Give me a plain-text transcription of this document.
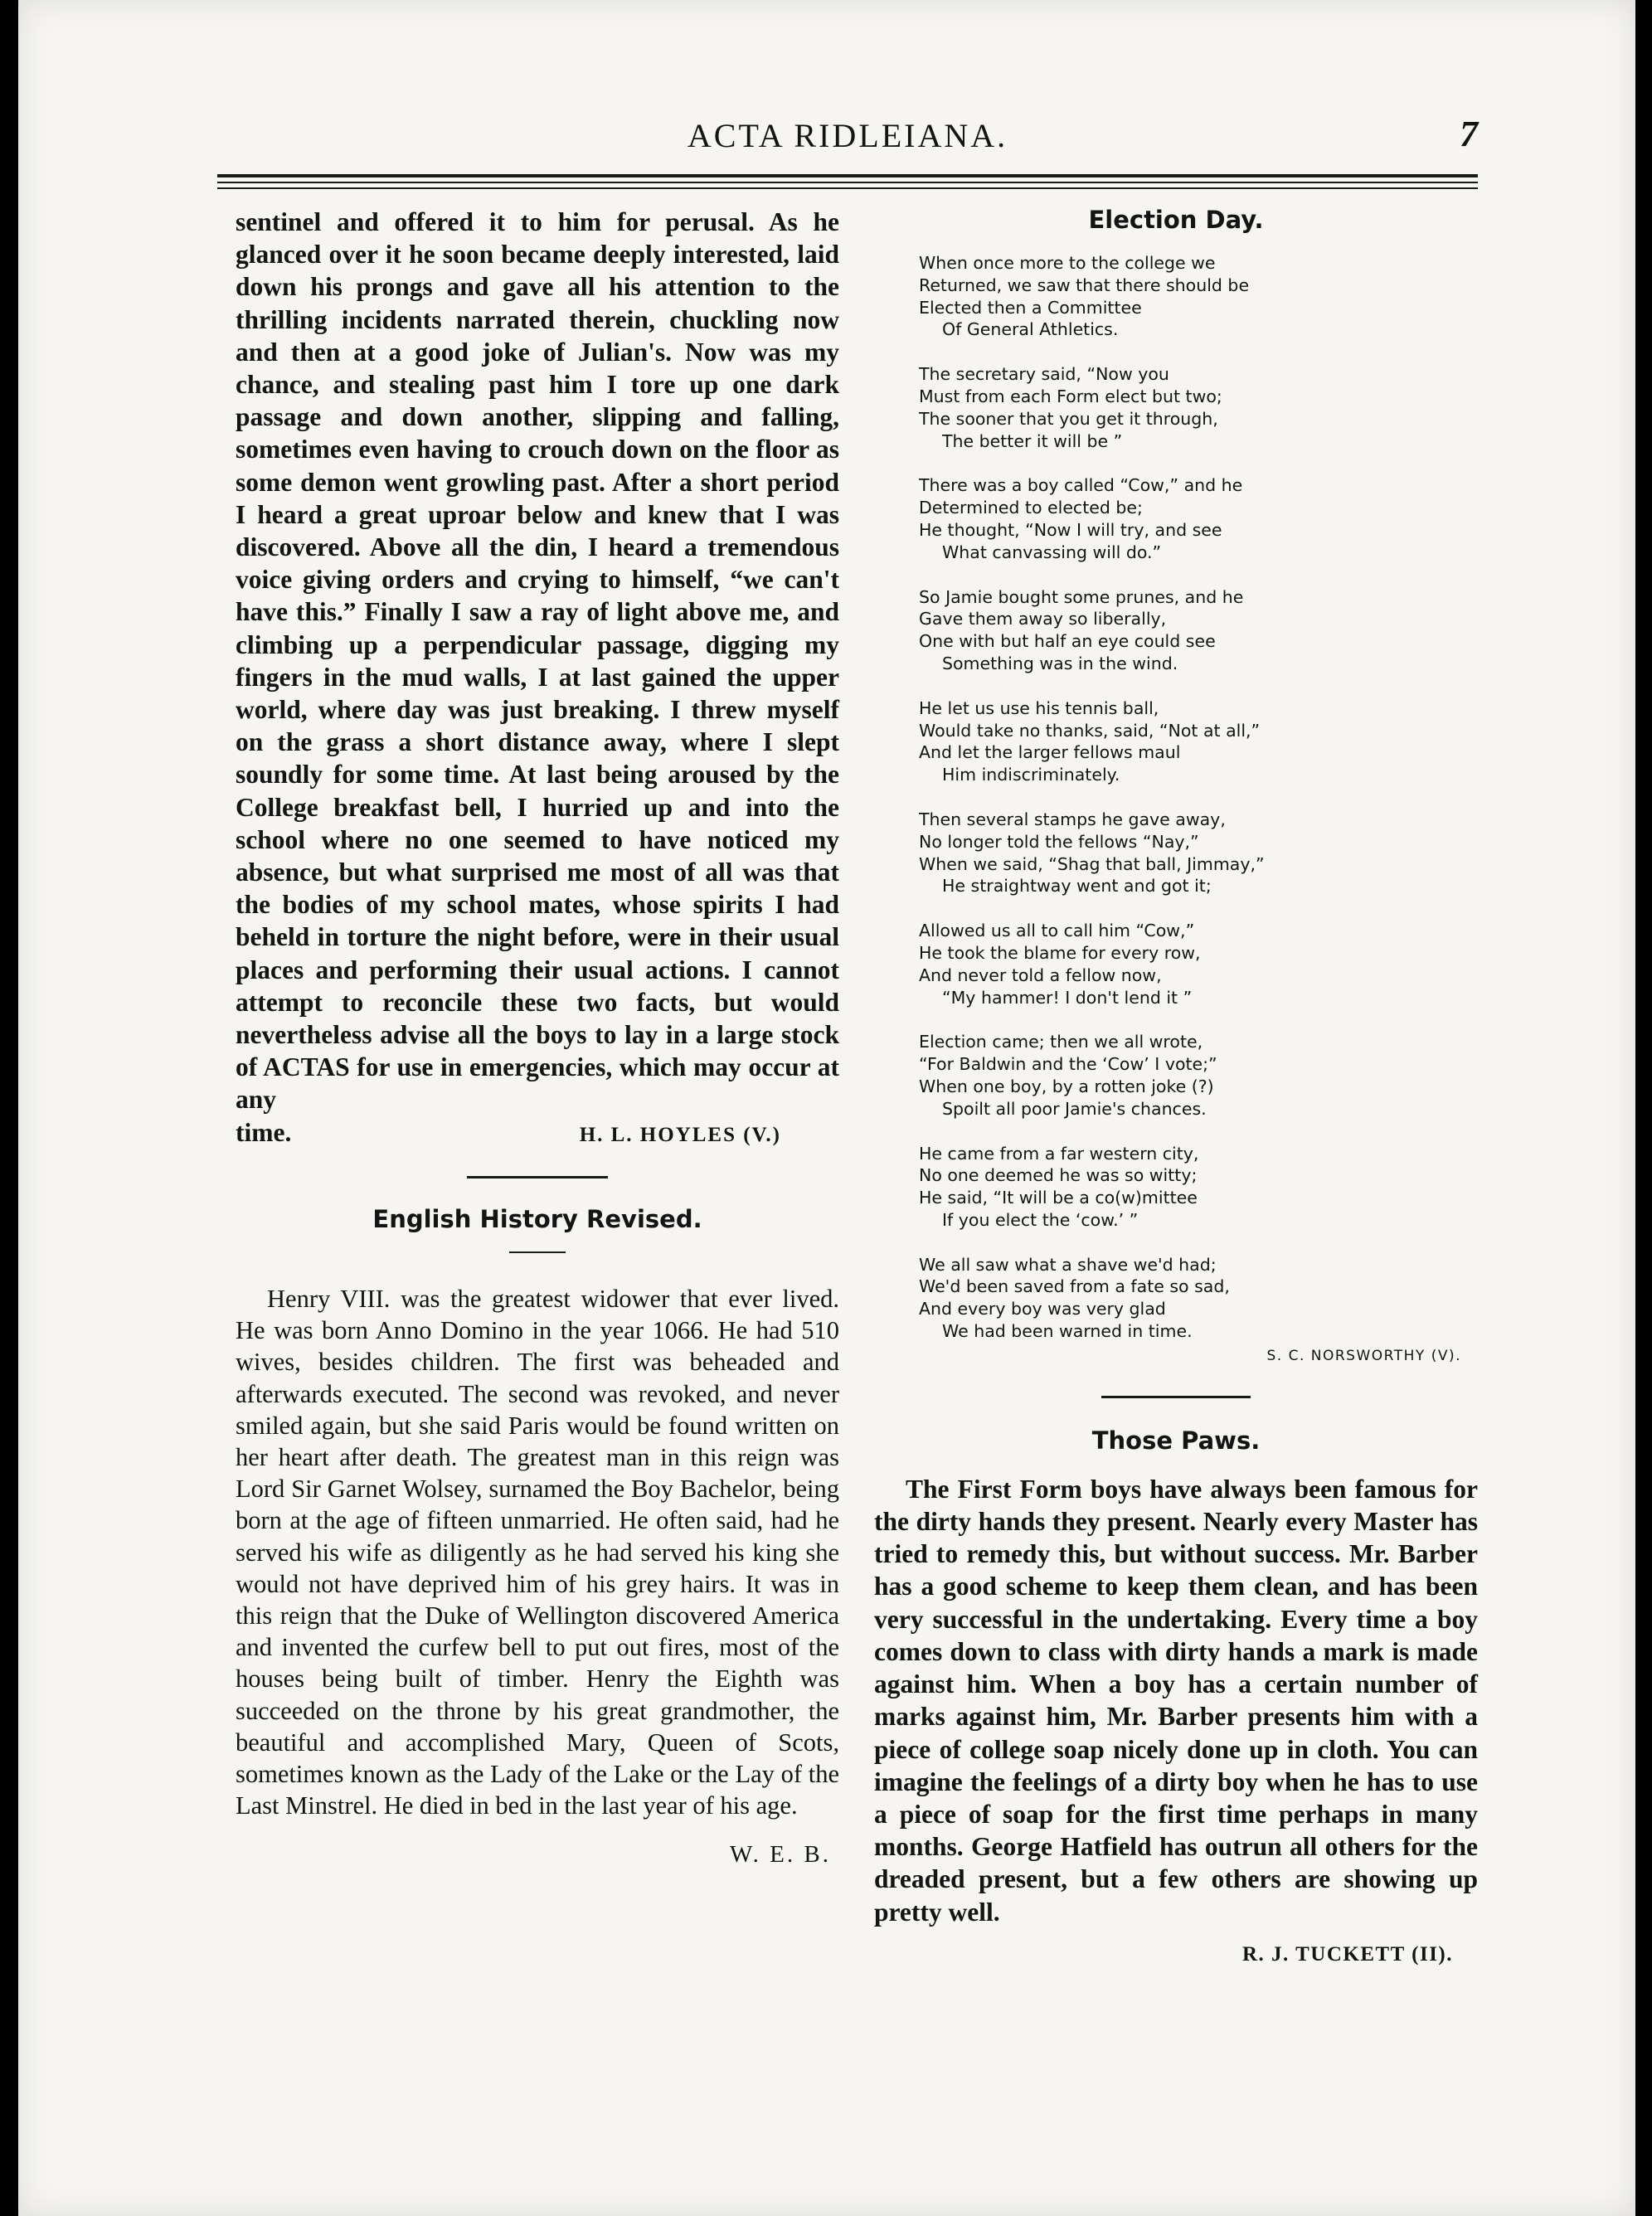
ACTA RIDLEIANA.	7

sentinel and offered it to him for perusal. As he glanced over it he soon became deeply interested, laid down his prongs and gave all his attention to the thrilling incidents narrated therein, chuckling now and then at a good joke of Julian's. Now was my chance, and stealing past him I tore up one dark passage and down another, slipping and falling, sometimes even having to crouch down on the floor as some demon went growling past. After a short period I heard a great uproar below and knew that I was discovered. Above all the din, I heard a tremendous voice giving orders and crying to himself, “we can't have this.” Finally I saw a ray of light above me, and climbing up a perpendicular passage, digging my fingers in the mud walls, I at last gained the upper world, where day was just breaking. I threw myself on the grass a short distance away, where I slept soundly for some time. At last being aroused by the College breakfast bell, I hurried up and into the school where no one seemed to have noticed my absence, but what surprised me most of all was that the bodies of my school mates, whose spirits I had beheld in torture the night before, were in their usual places and performing their usual actions. I cannot attempt to reconcile these two facts, but would nevertheless advise all the boys to lay in a large stock of ACTAS for use in emergencies, which may occur at any

time.	H. L. HOYLES (V.)

English History Revised.

Henry VIII. was the greatest widower that ever lived. He was born Anno Domino in the year 1066. He had 510 wives, besides children. The first was beheaded and afterwards executed. The second was revoked, and never smiled again, but she said Paris would be found written on her heart after death. The greatest man in this reign was Lord Sir Garnet Wolsey, surnamed the Boy Bachelor, being born at the age of fifteen unmarried. He often said, had he served his wife as diligently as he had served his king she would not have deprived him of his grey hairs. It was in this reign that the Duke of Wellington discovered America and invented the curfew bell to put out fires, most of the houses being built of timber. Henry the Eighth was succeeded on the throne by his great grandmother, the beautiful and accomplished Mary, Queen of Scots, sometimes known as the Lady of the Lake or the Lay of the Last Minstrel. He died in bed in the last year of his age.

W. E. B.

Election Day.

When once more to the college we
Returned, we saw that there should be
Elected then a Committee
Of General Athletics.
The secretary said, “Now you
Must from each Form elect but two;
The sooner that you get it through,
The better it will be ”
There was a boy called “Cow,” and he
Determined to elected be;
He thought, “Now I will try, and see
What canvassing will do.”
So Jamie bought some prunes, and he
Gave them away so liberally,
One with but half an eye could see
Something was in the wind.
He let us use his tennis ball,
Would take no thanks, said, “Not at all,”
And let the larger fellows maul
Him indiscriminately.
Then several stamps he gave away,
No longer told the fellows “Nay,”
When we said, “Shag that ball, Jimmay,”
He straightway went and got it;
Allowed us all to call him “Cow,”
He took the blame for every row,
And never told a fellow now,
“My hammer! I don't lend it ”
Election came; then we all wrote,
“For Baldwin and the ‘Cow’ I vote;”
When one boy, by a rotten joke (?)
Spoilt all poor Jamie's chances.
He came from a far western city,
No one deemed he was so witty;
He said, “It will be a co(w)mittee
If you elect the ‘cow.’ ”
We all saw what a shave we'd had;
We'd been saved from a fate so sad,
And every boy was very glad
We had been warned in time.
S. C. NORSWORTHY (V).

Those Paws.

The First Form boys have always been famous for the dirty hands they present. Nearly every Master has tried to remedy this, but without success. Mr. Barber has a good scheme to keep them clean, and has been very successful in the undertaking. Every time a boy comes down to class with dirty hands a mark is made against him. When a boy has a certain number of marks against him, Mr. Barber presents him with a piece of college soap nicely done up in cloth. You can imagine the feelings of a dirty boy when he has to use a piece of soap for the first time perhaps in many months. George Hatfield has outrun all others for the dreaded present, but a few others are showing up pretty well.

R. J. TUCKETT (II).
